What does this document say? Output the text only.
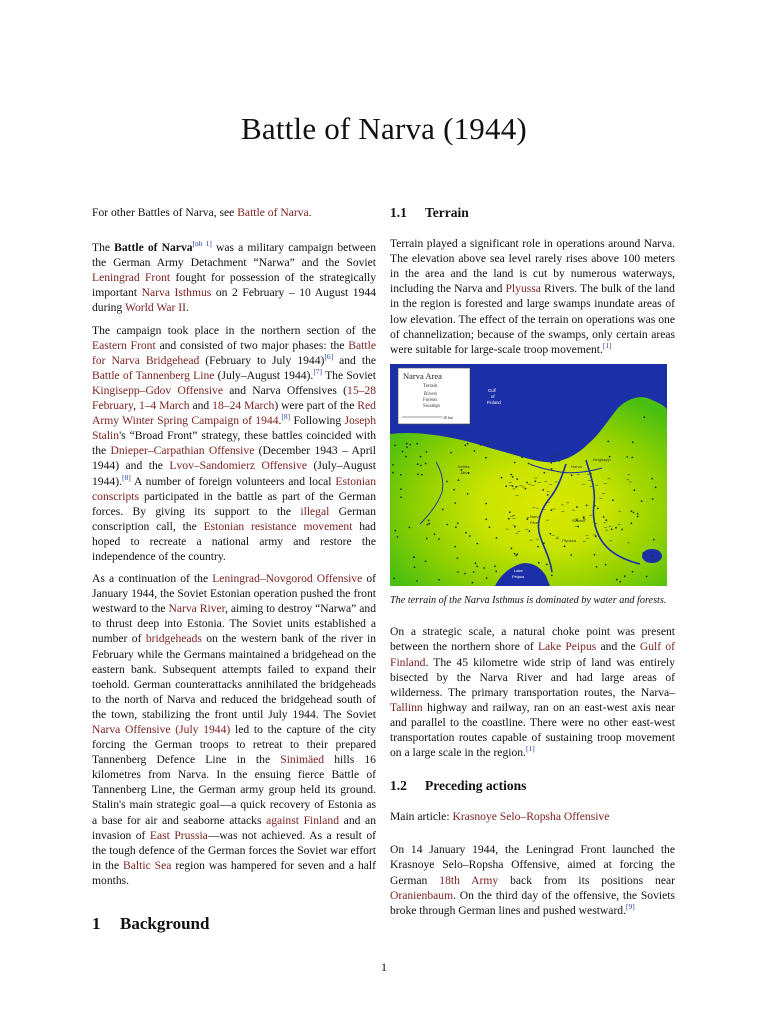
Battle of Narva (1944)

For other Battles of Narva, see Battle of Narva.

The Battle of Narva[nb 1] was a military campaign between the German Army Detachment “Narwa” and the Soviet Leningrad Front fought for possession of the strategically important Narva Isthmus on 2 February – 10 August 1944 during World War II.

The campaign took place in the northern section of the Eastern Front and consisted of two major phases: the Battle for Narva Bridgehead (February to July 1944)[6] and the Battle of Tannenberg Line (July–August 1944).[7] The Soviet Kingisepp–Gdov Offensive and Narva Offensives (15–28 February, 1–4 March and 18–24 March) were part of the Red Army Winter Spring Campaign of 1944.[8] Following Joseph Stalin's “Broad Front” strategy, these battles coincided with the Dnieper–Carpathian Offensive (December 1943 – April 1944) and the Lvov–Sandomierz Offensive (July–August 1944).[8] A number of foreign volunteers and local Estonian conscripts participated in the battle as part of the German forces. By giving its support to the illegal German conscription call, the Estonian resistance movement had hoped to recreate a national army and restore the independence of the country.

As a continuation of the Leningrad–Novgorod Offensive of January 1944, the Soviet Estonian operation pushed the front westward to the Narva River, aiming to destroy “Narwa” and to thrust deep into Estonia. The Soviet units established a number of bridgeheads on the western bank of the river in February while the Germans maintained a bridgehead on the eastern bank. Subsequent attempts failed to expand their toehold. German counterattacks annihilated the bridgeheads to the north of Narva and reduced the bridgehead south of the town, stabilizing the front until July 1944. The Soviet Narva Offensive (July 1944) led to the capture of the city forcing the German troops to retreat to their prepared Tannenberg Defence Line in the Sinimäed hills 16 kilometres from Narva. In the ensuing fierce Battle of Tannenberg Line, the German army group held its ground. Stalin's main strategic goal—a quick recovery of Estonia as a base for air and seaborne attacks against Finland and an invasion of East Prussia—was not achieved. As a result of the tough defence of the German forces the Soviet war effort in the Baltic Sea region was hampered for seven and a half months.

1 Background
1.1 Terrain

Terrain played a significant role in operations around Narva. The elevation above sea level rarely rises above 100 meters in the area and the land is cut by numerous waterways, including the Narva and Plyussa Rivers. The bulk of the land in the region is forested and large swamps inundate areas of low elevation. The effect of the terrain on operations was one of channelization; because of the swamps, only certain areas were suitable for large-scale troop movement.[1]

Narva Area
Terrain
Rivers
Forests
Swamps
20 km
Gulf
of
Finland
Narva
Kohtla-
Järve
Kingisepp
Narva
River	Slantsy
Plyussa
Lake
Peipus

The terrain of the Narva Isthmus is dominated by water and forests.

On a strategic scale, a natural choke point was present between the northern shore of Lake Peipus and the Gulf of Finland. The 45 kilometre wide strip of land was entirely bisected by the Narva River and had large areas of wilderness. The primary transportation routes, the Narva–Tallinn highway and railway, ran on an east-west axis near and parallel to the coastline. There were no other east-west transportation routes capable of sustaining troop movement on a large scale in the region.[1]

1.2 Preceding actions

Main article: Krasnoye Selo–Ropsha Offensive

On 14 January 1944, the Leningrad Front launched the Krasnoye Selo–Ropsha Offensive, aimed at forcing the German 18th Army back from its positions near Oranienbaum. On the third day of the offensive, the Soviets broke through German lines and pushed westward.[9]

1
